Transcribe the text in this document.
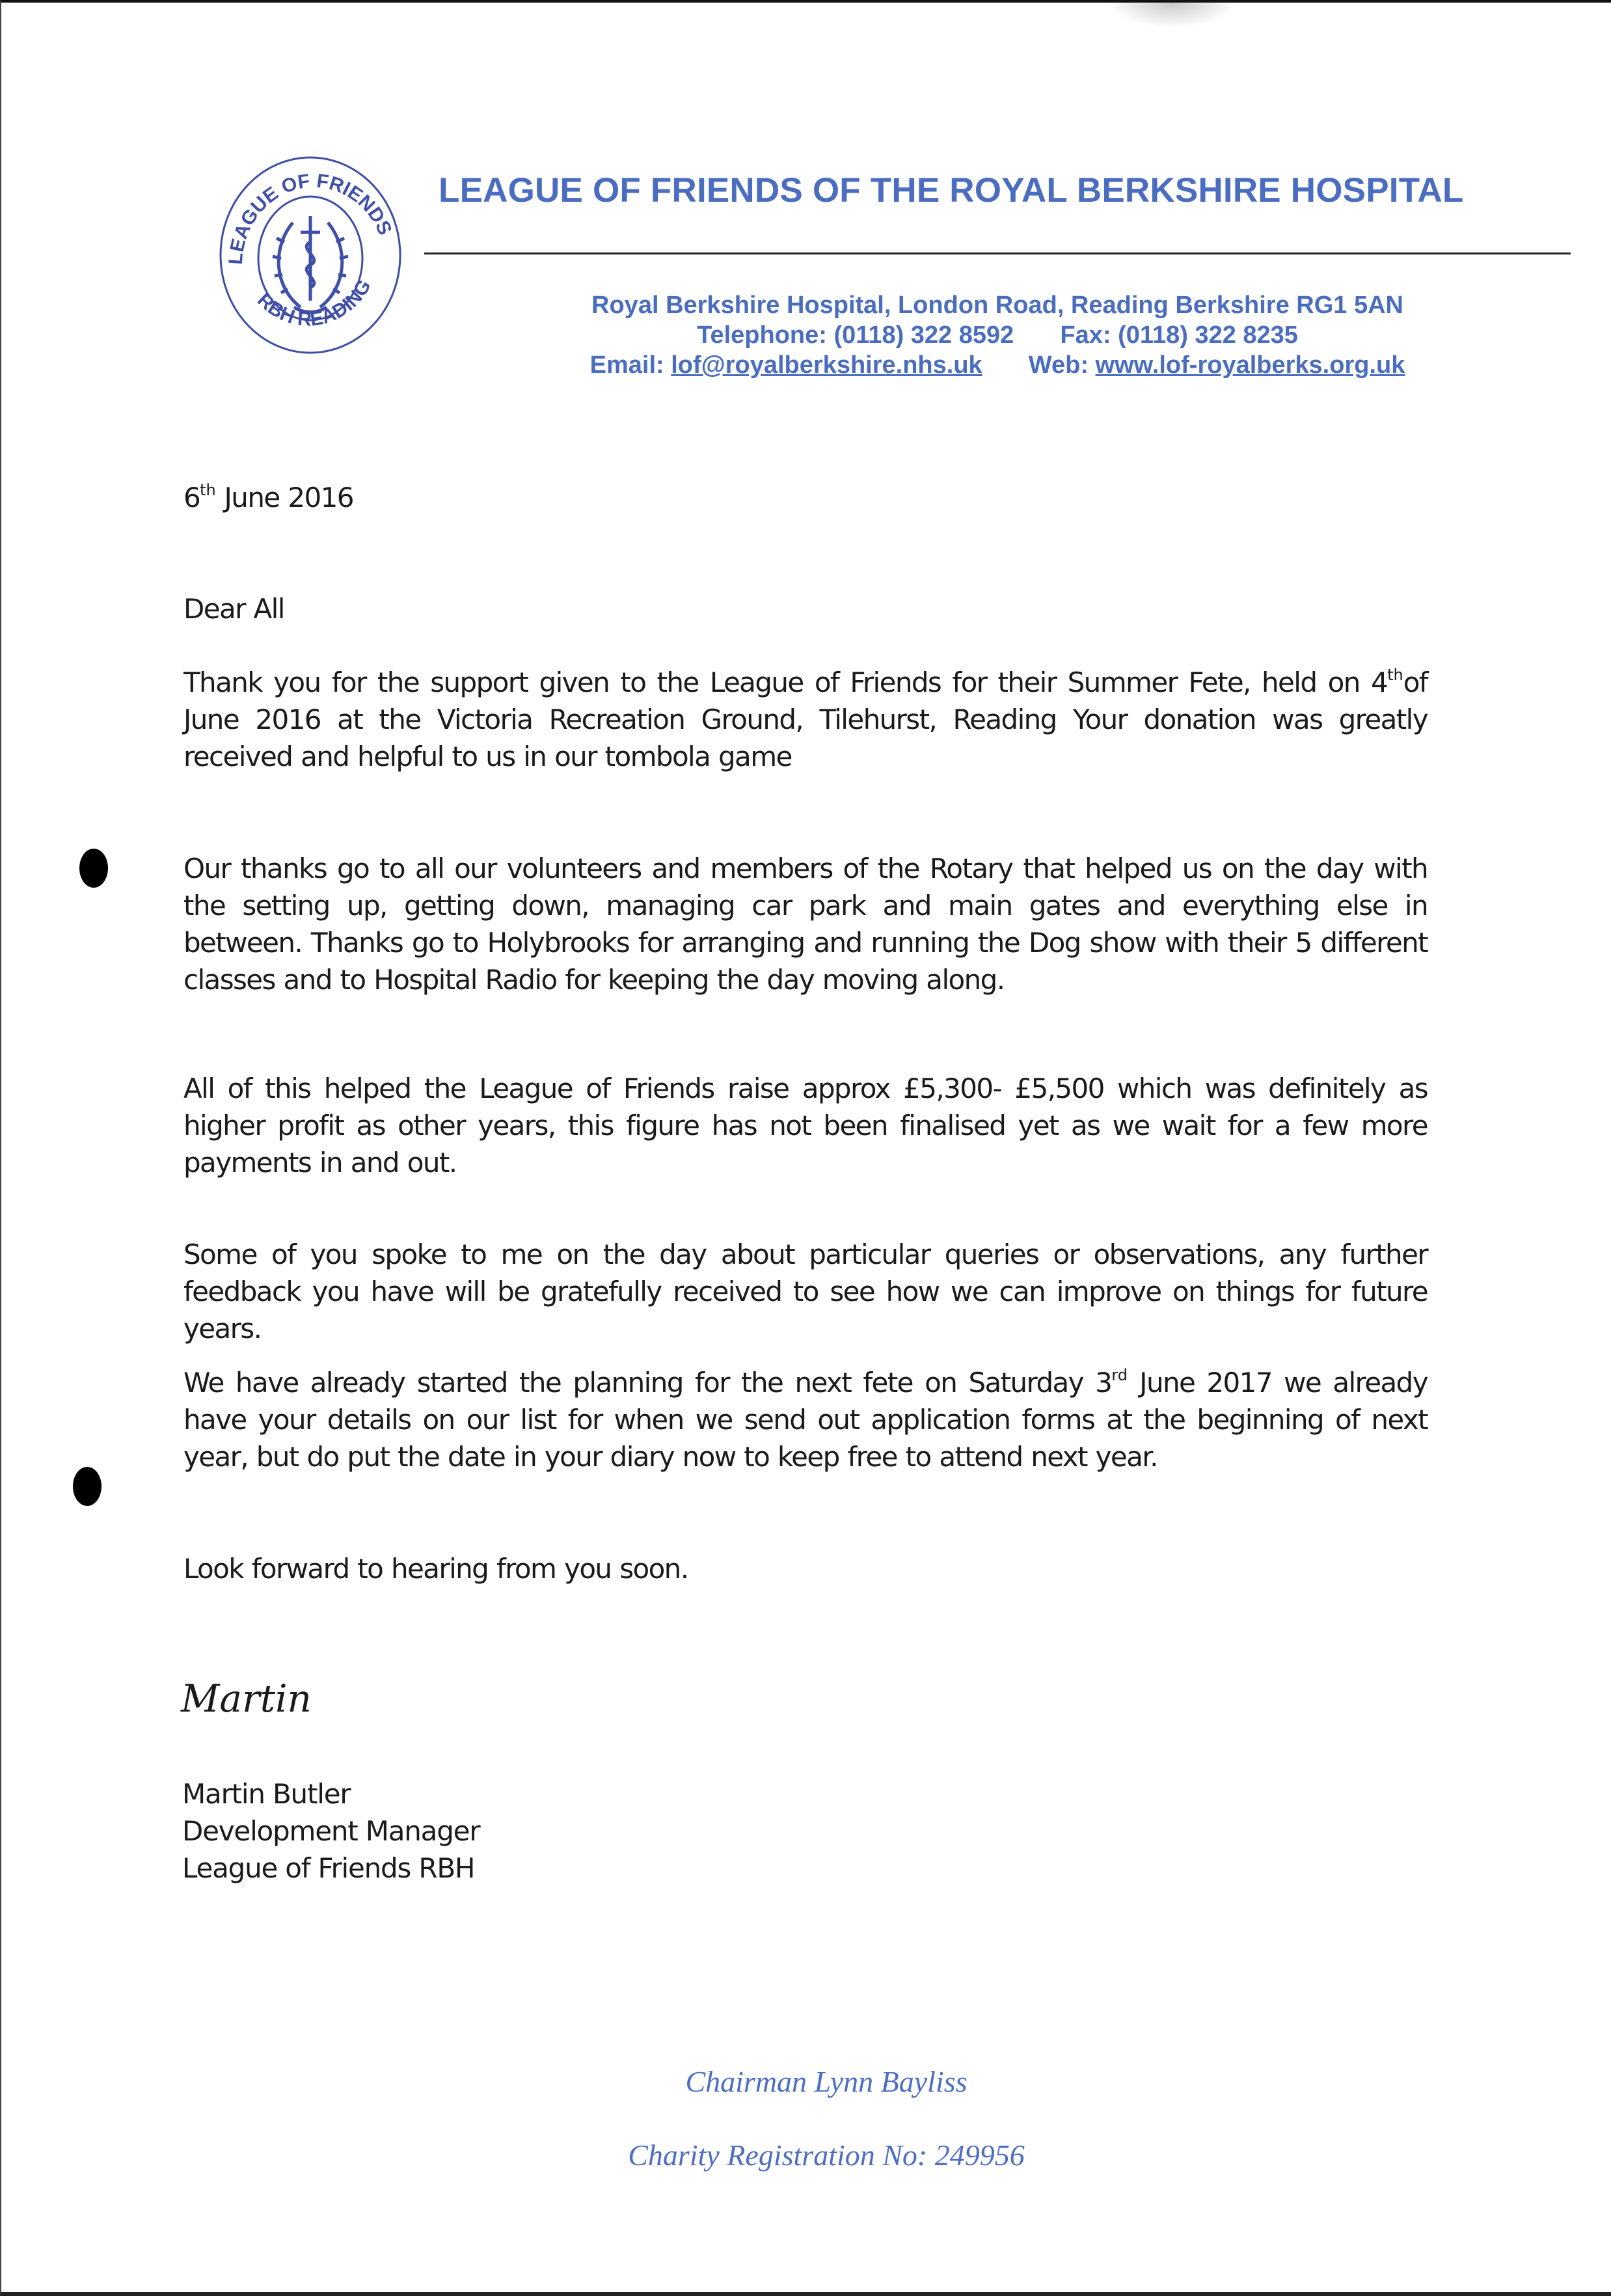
LEAGUE OF FRIENDS
RBH READING
LEAGUE OF FRIENDS OF THE ROYAL BERKSHIRE HOSPITAL
Royal Berkshire Hospital, London Road, Reading Berkshire RG1 5AN
Telephone: (0118) 322 8592 Fax: (0118) 322 8235
Email: lof@royalberkshire.nhs.uk Web: www.lof-royalberks.org.uk
6th June 2016
Dear All

Thank you for the support given to the League of Friends for their Summer Fete, held on 4thof June 2016 at the Victoria Recreation Ground, Tilehurst, Reading Your donation was greatly received and helpful to us in our tombola game

Our thanks go to all our volunteers and members of the Rotary that helped us on the day with the setting up, getting down, managing car park and main gates and everything else in between. Thanks go to Holybrooks for arranging and running the Dog show with their 5 different classes and to Hospital Radio for keeping the day moving along.

All of this helped the League of Friends raise approx £5,300- £5,500 which was definitely as higher profit as other years, this figure has not been finalised yet as we wait for a few more payments in and out.

Some of you spoke to me on the day about particular queries or observations, any further feedback you have will be gratefully received to see how we can improve on things for future years.

We have already started the planning for the next fete on Saturday 3rd June 2017 we already have your details on our list for when we send out application forms at the beginning of next year, but do put the date in your diary now to keep free to attend next year.

Look forward to hearing from you soon.

Martin
Martin Butler
Development Manager
League of Friends RBH
Chairman Lynn Bayliss
Charity Registration No: 249956
